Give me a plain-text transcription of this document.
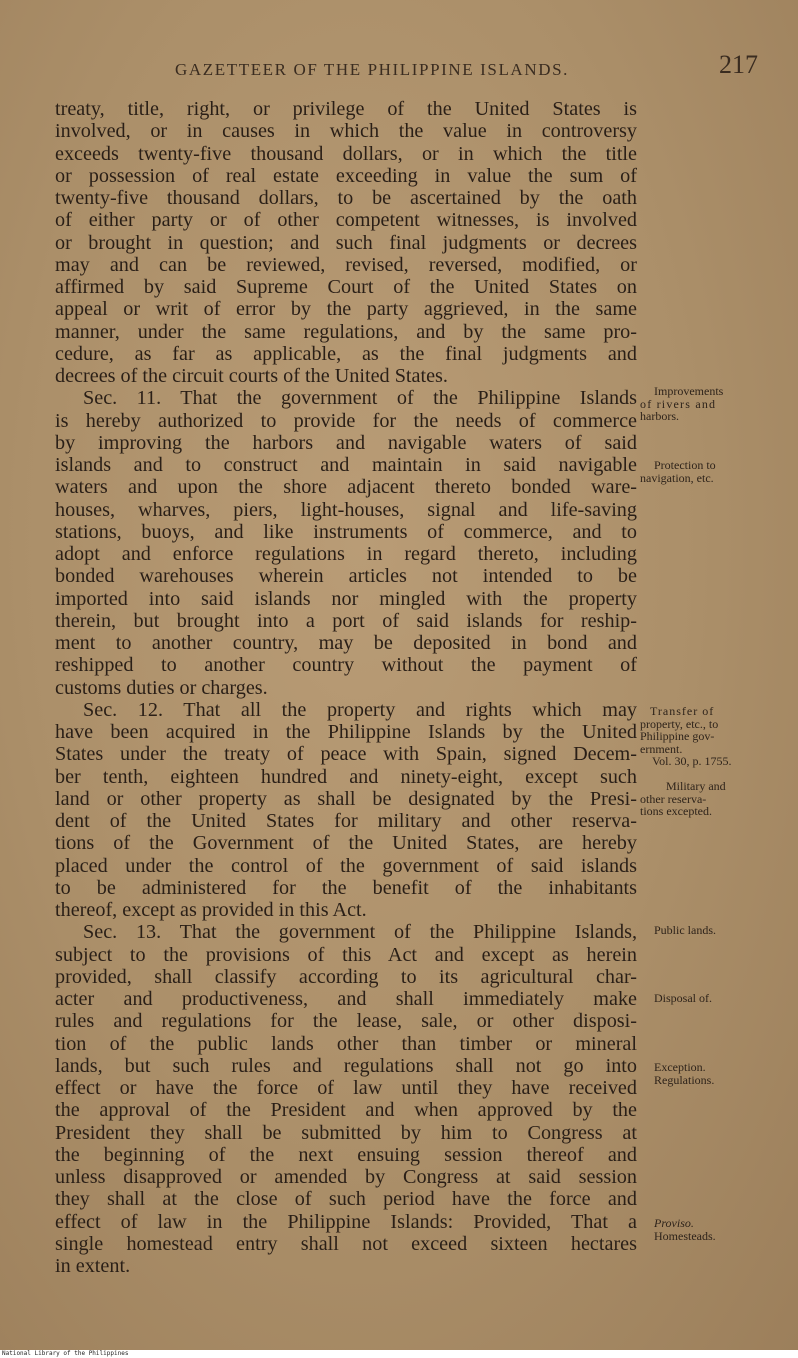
GAZETTEER OF THE PHILIPPINE ISLANDS.	217
treaty, title, right, or privilege of the United States is
involved, or in causes in which the value in controversy
exceeds twenty-five thousand dollars, or in which the title
or possession of real estate exceeding in value the sum of
twenty-five thousand dollars, to be ascertained by the oath
of either party or of other competent witnesses, is involved
or brought in question; and such final judgments or decrees
may and can be reviewed, revised, reversed, modified, or
affirmed by said Supreme Court of the United States on
appeal or writ of error by the party aggrieved, in the same
manner, under the same regulations, and by the same pro-
cedure, as far as applicable, as the final judgments and
decrees of the circuit courts of the United States.
Sec. 11. That the government of the Philippine Islands
is hereby authorized to provide for the needs of commerce
by improving the harbors and navigable waters of said
islands and to construct and maintain in said navigable
waters and upon the shore adjacent thereto bonded ware-
houses, wharves, piers, light-houses, signal and life-saving
stations, buoys, and like instruments of commerce, and to
adopt and enforce regulations in regard thereto, including
bonded warehouses wherein articles not intended to be
imported into said islands nor mingled with the property
therein, but brought into a port of said islands for reship-
ment to another country, may be deposited in bond and
reshipped to another country without the payment of
customs duties or charges.
Sec. 12. That all the property and rights which may
have been acquired in the Philippine Islands by the United
States under the treaty of peace with Spain, signed Decem-
ber tenth, eighteen hundred and ninety-eight, except such
land or other property as shall be designated by the Presi-
dent of the United States for military and other reserva-
tions of the Government of the United States, are hereby
placed under the control of the government of said islands
to be administered for the benefit of the inhabitants
thereof, except as provided in this Act.
Sec. 13. That the government of the Philippine Islands,
subject to the provisions of this Act and except as herein
provided, shall classify according to its agricultural char-
acter and productiveness, and shall immediately make
rules and regulations for the lease, sale, or other disposi-
tion of the public lands other than timber or mineral
lands, but such rules and regulations shall not go into
effect or have the force of law until they have received
the approval of the President and when approved by the
President they shall be submitted by him to Congress at
the beginning of the next ensuing session thereof and
unless disapproved or amended by Congress at said session
they shall at the close of such period have the force and
effect of law in the Philippine Islands: Provided, That a
single homestead entry shall not exceed sixteen hectares
in extent.
Improvements
of rivers and
harbors.
Protection to
navigation, etc.
Transfer of
property, etc., to
Philippine gov-
ernment.
Vol. 30, p. 1755.
Military and
other reserva-
tions excepted.
Public lands.
Disposal of.
Exception.
Regulations.
Proviso.
Homesteads.
National Library of the Philippines
